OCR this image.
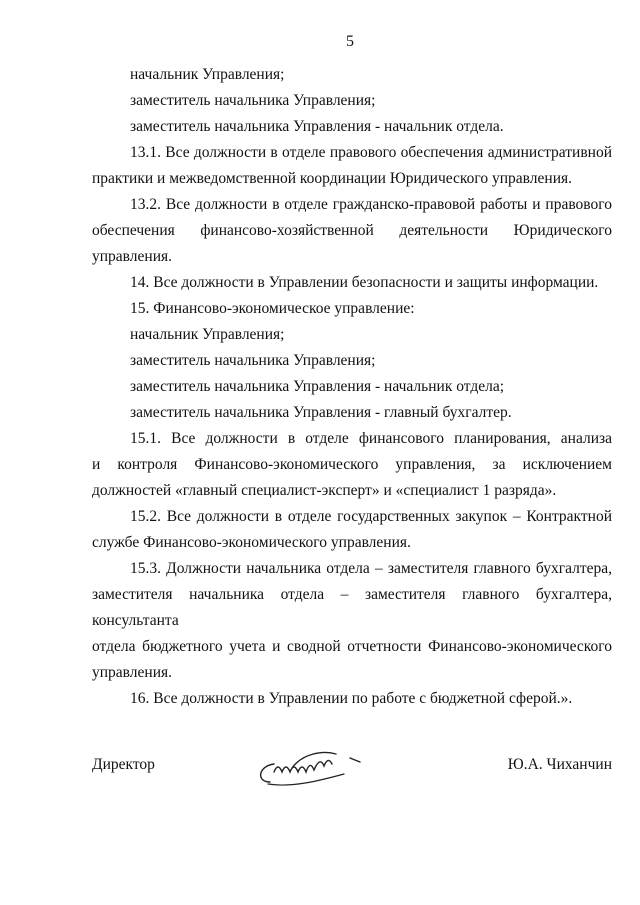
5

начальник Управления;

заместитель начальника Управления;

заместитель начальника Управления - начальник отдела.

13.1. Все должности в отделе правового обеспечения административной

практики и межведомственной координации Юридического управления.

13.2. Все должности в отделе гражданско-правовой работы и правового

обеспечения финансово-хозяйственной деятельности Юридического

управления.

14. Все должности в Управлении безопасности и защиты информации.

15. Финансово-экономическое управление:

начальник Управления;

заместитель начальника Управления;

заместитель начальника Управления - начальник отдела;

заместитель начальника Управления - главный бухгалтер.

15.1. Все должности в отделе финансового планирования, анализа

и контроля Финансово-экономического управления, за исключением

должностей «главный специалист-эксперт» и «специалист 1 разряда».

15.2. Все должности в отделе государственных закупок – Контрактной

службе Финансово-экономического управления.

15.3. Должности начальника отдела – заместителя главного бухгалтера,

заместителя начальника отдела – заместителя главного бухгалтера, консультанта

отдела бюджетного учета и сводной отчетности Финансово-экономического

управления.

16. Все должности в Управлении по работе с бюджетной сферой.».

Директор	Ю.А. Чиханчин
